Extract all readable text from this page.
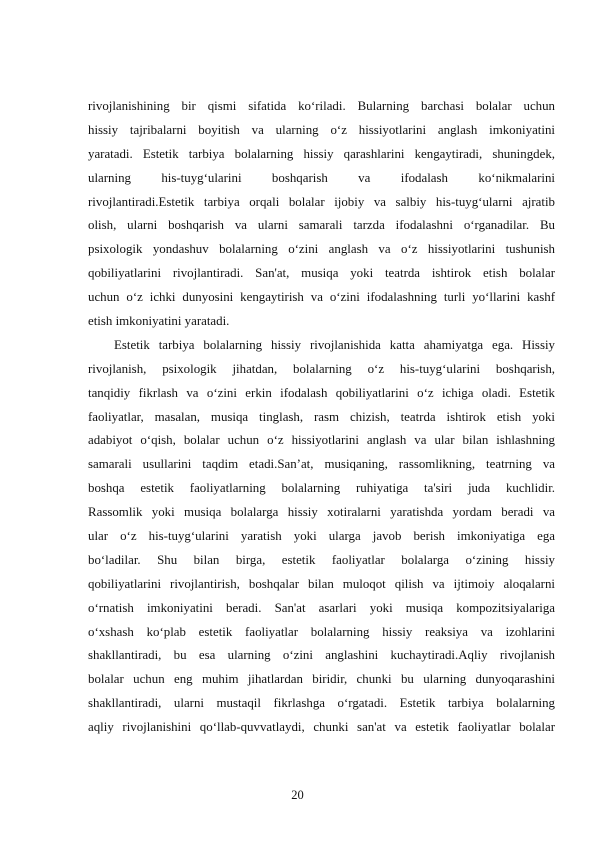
rivojlanishining bir qismi sifatida ko‘riladi. Bularning barchasi bolalar uchun
hissiy tajribalarni boyitish va ularning o‘z hissiyotlarini anglash imkoniyatini
yaratadi. Estetik tarbiya bolalarning hissiy qarashlarini kengaytiradi, shuningdek,
ularning his-tuyg‘ularini boshqarish va ifodalash ko‘nikmalarini
rivojlantiradi.Estetik tarbiya orqali bolalar ijobiy va salbiy his-tuyg‘ularni ajratib
olish, ularni boshqarish va ularni samarali tarzda ifodalashni o‘rganadilar. Bu
psixologik yondashuv bolalarning o‘zini anglash va o‘z hissiyotlarini tushunish
qobiliyatlarini rivojlantiradi. San'at, musiqa yoki teatrda ishtirok etish bolalar
uchun o‘z ichki dunyosini kengaytirish va o‘zini ifodalashning turli yo‘llarini kashf
etish imkoniyatini yaratadi.
Estetik tarbiya bolalarning hissiy rivojlanishida katta ahamiyatga ega. Hissiy
rivojlanish, psixologik jihatdan, bolalarning o‘z his-tuyg‘ularini boshqarish,
tanqidiy fikrlash va o‘zini erkin ifodalash qobiliyatlarini o‘z ichiga oladi. Estetik
faoliyatlar, masalan, musiqa tinglash, rasm chizish, teatrda ishtirok etish yoki
adabiyot o‘qish, bolalar uchun o‘z hissiyotlarini anglash va ular bilan ishlashning
samarali usullarini taqdim etadi.San’at, musiqaning, rassomlikning, teatrning va
boshqa estetik faoliyatlarning bolalarning ruhiyatiga ta'siri juda kuchlidir.
Rassomlik yoki musiqa bolalarga hissiy xotiralarni yaratishda yordam beradi va
ular o‘z his-tuyg‘ularini yaratish yoki ularga javob berish imkoniyatiga ega
bo‘ladilar. Shu bilan birga, estetik faoliyatlar bolalarga o‘zining hissiy
qobiliyatlarini rivojlantirish, boshqalar bilan muloqot qilish va ijtimoiy aloqalarni
o‘rnatish imkoniyatini beradi. San'at asarlari yoki musiqa kompozitsiyalariga
o‘xshash ko‘plab estetik faoliyatlar bolalarning hissiy reaksiya va izohlarini
shakllantiradi, bu esa ularning o‘zini anglashini kuchaytiradi.Aqliy rivojlanish
bolalar uchun eng muhim jihatlardan biridir, chunki bu ularning dunyoqarashini
shakllantiradi, ularni mustaqil fikrlashga o‘rgatadi. Estetik tarbiya bolalarning
aqliy rivojlanishini qo‘llab-quvvatlaydi, chunki san'at va estetik faoliyatlar bolalar
20
